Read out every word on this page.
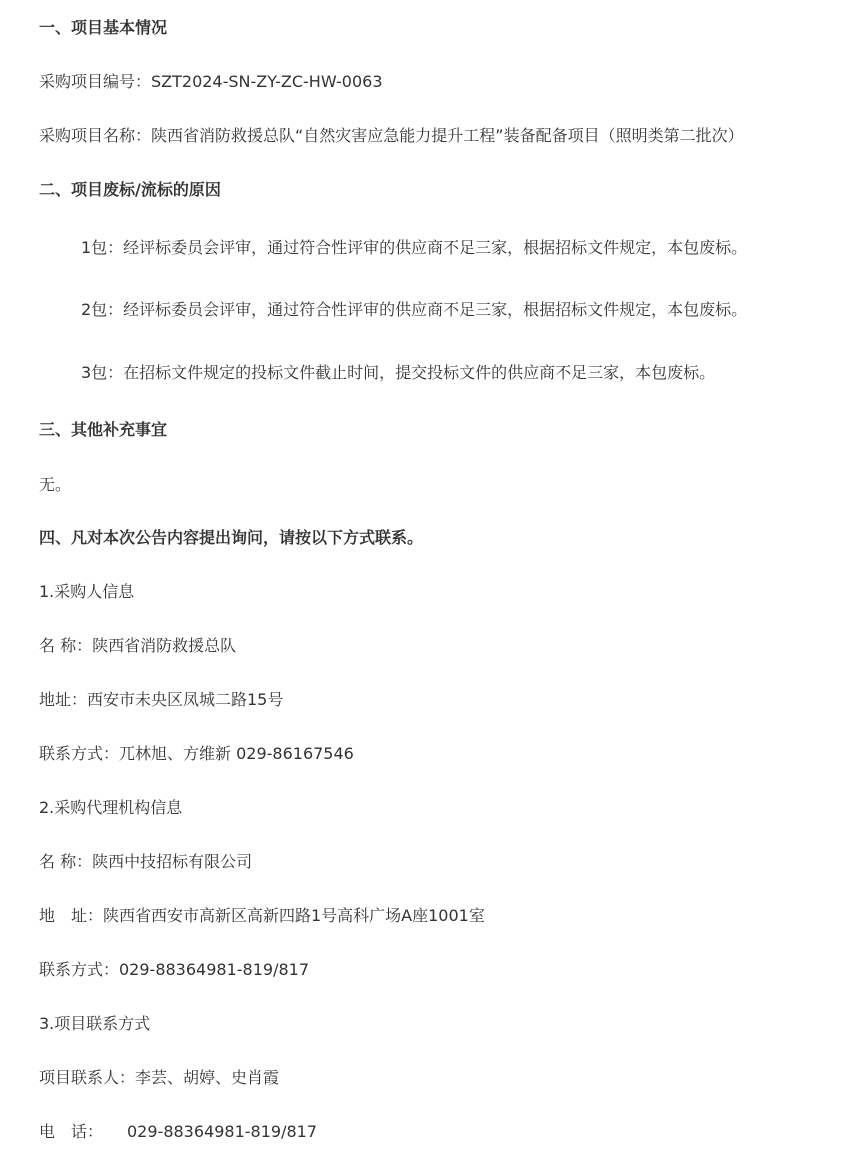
一、项目基本情况
采购项目编号：SZT2024-SN-ZY-ZC-HW-0063
采购项目名称：陕西省消防救援总队“自然灾害应急能力提升工程”装备配备项目（照明类第二批次）
二、项目废标/流标的原因
1包：经评标委员会评审，通过符合性评审的供应商不足三家，根据招标文件规定，本包废标。
2包：经评标委员会评审，通过符合性评审的供应商不足三家，根据招标文件规定，本包废标。
3包：在招标文件规定的投标文件截止时间，提交投标文件的供应商不足三家，本包废标。
三、其他补充事宜
无。
四、凡对本次公告内容提出询问，请按以下方式联系。
1.采购人信息
名 称：陕西省消防救援总队
地址：西安市未央区凤城二路15号
联系方式：兀林旭、方维新 029-86167546
2.采购代理机构信息
名 称：陕西中技招标有限公司
地　址：陕西省西安市高新区高新四路1号高科广场A座1001室
联系方式：029-88364981-819/817
3.项目联系方式
项目联系人：李芸、胡婷、史肖霞
电　话：　　029-88364981-819/817
